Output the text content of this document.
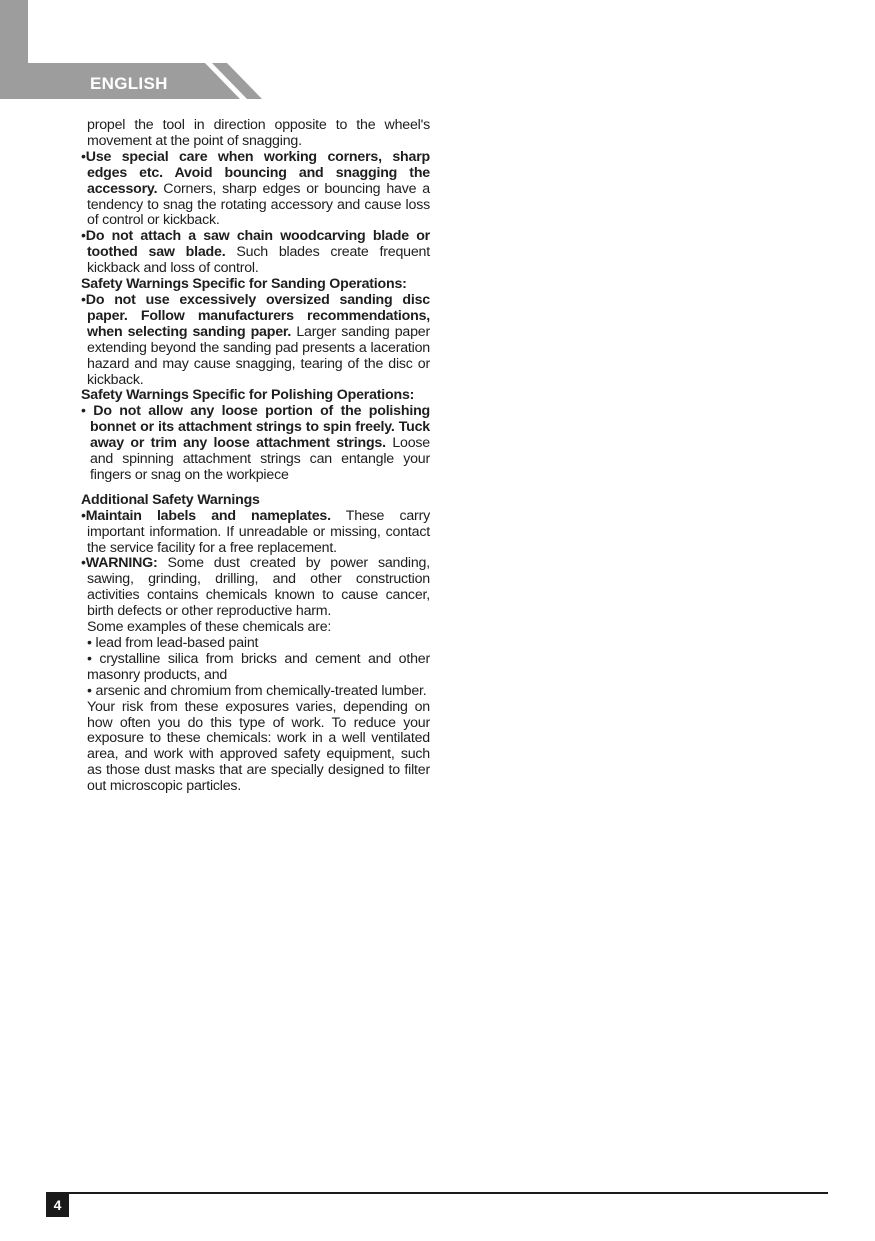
ENGLISH

propel the tool in direction opposite to the wheel's movement at the point of snagging.

•Use special care when working corners, sharp edges etc. Avoid bouncing and snagging the accessory. Corners, sharp edges or bouncing have a tendency to snag the rotating accessory and cause loss of control or kickback.

•Do not attach a saw chain woodcarving blade or toothed saw blade. Such blades create frequent kickback and loss of control.

Safety Warnings Specific for Sanding Operations:

•Do not use excessively oversized sanding disc paper. Follow manufacturers recommendations, when selecting sanding paper. Larger sanding paper extending beyond the sanding pad presents a laceration hazard and may cause snagging, tearing of the disc or kickback.

Safety Warnings Specific for Polishing Operations:

• Do not allow any loose portion of the polishing bonnet or its attachment strings to spin freely. Tuck away or trim any loose attachment strings. Loose and spinning attachment strings can entangle your fingers or snag on the workpiece

Additional Safety Warnings

•Maintain labels and nameplates. These carry important information. If unreadable or missing, contact the service facility for a free replacement.

•WARNING: Some dust created by power sanding, sawing, grinding, drilling, and other construction activities contains chemicals known to cause cancer, birth defects or other reproductive harm.

Some examples of these chemicals are:

• lead from lead-based paint

• crystalline silica from bricks and cement and other masonry products, and

• arsenic and chromium from chemically-treated lumber.

Your risk from these exposures varies, depending on how often you do this type of work. To reduce your exposure to these chemicals: work in a well ventilated area, and work with approved safety equipment, such as those dust masks that are specially designed to filter out microscopic particles.

4
